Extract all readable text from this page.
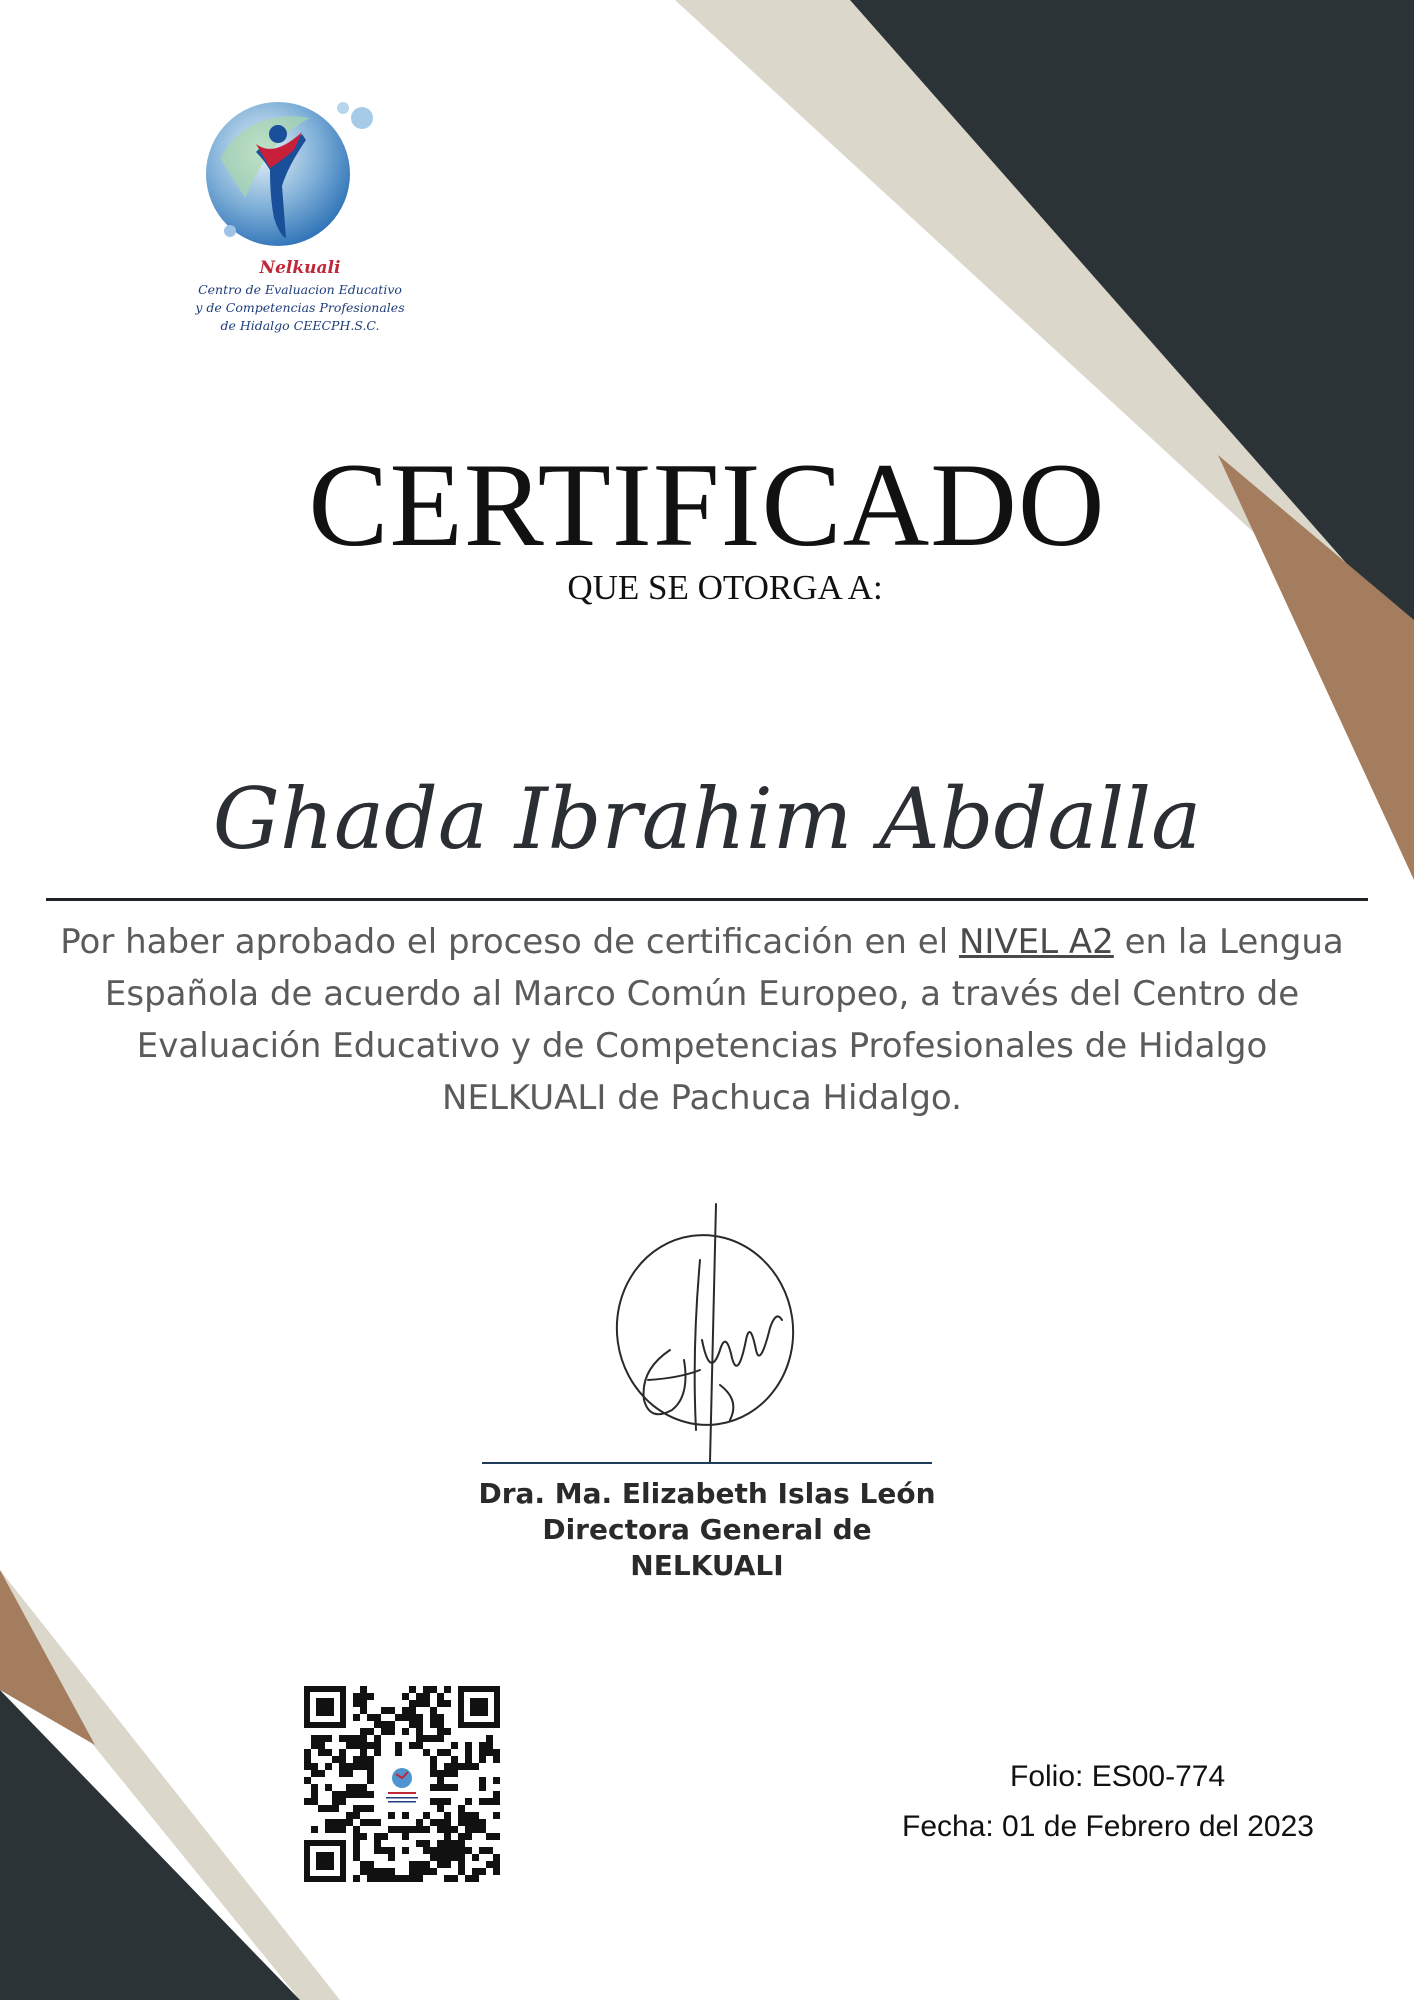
Nelkuali
Centro de Evaluacion Educativo
y de Competencias Profesionales
de Hidalgo CEECPH.S.C.
CERTIFICADO
QUE SE OTORGA A:
Ghada Ibrahim Abdalla
Por haber aprobado el proceso de certificación en el NIVEL A2 en la Lengua Española de acuerdo al Marco Común Europeo, a través del Centro de Evaluación Educativo y de Competencias Profesionales de Hidalgo NELKUALI de Pachuca Hidalgo.
Dra. Ma. Elizabeth Islas León
Directora General de
NELKUALI
Folio: ES00-774
Fecha: 01 de Febrero del 2023
